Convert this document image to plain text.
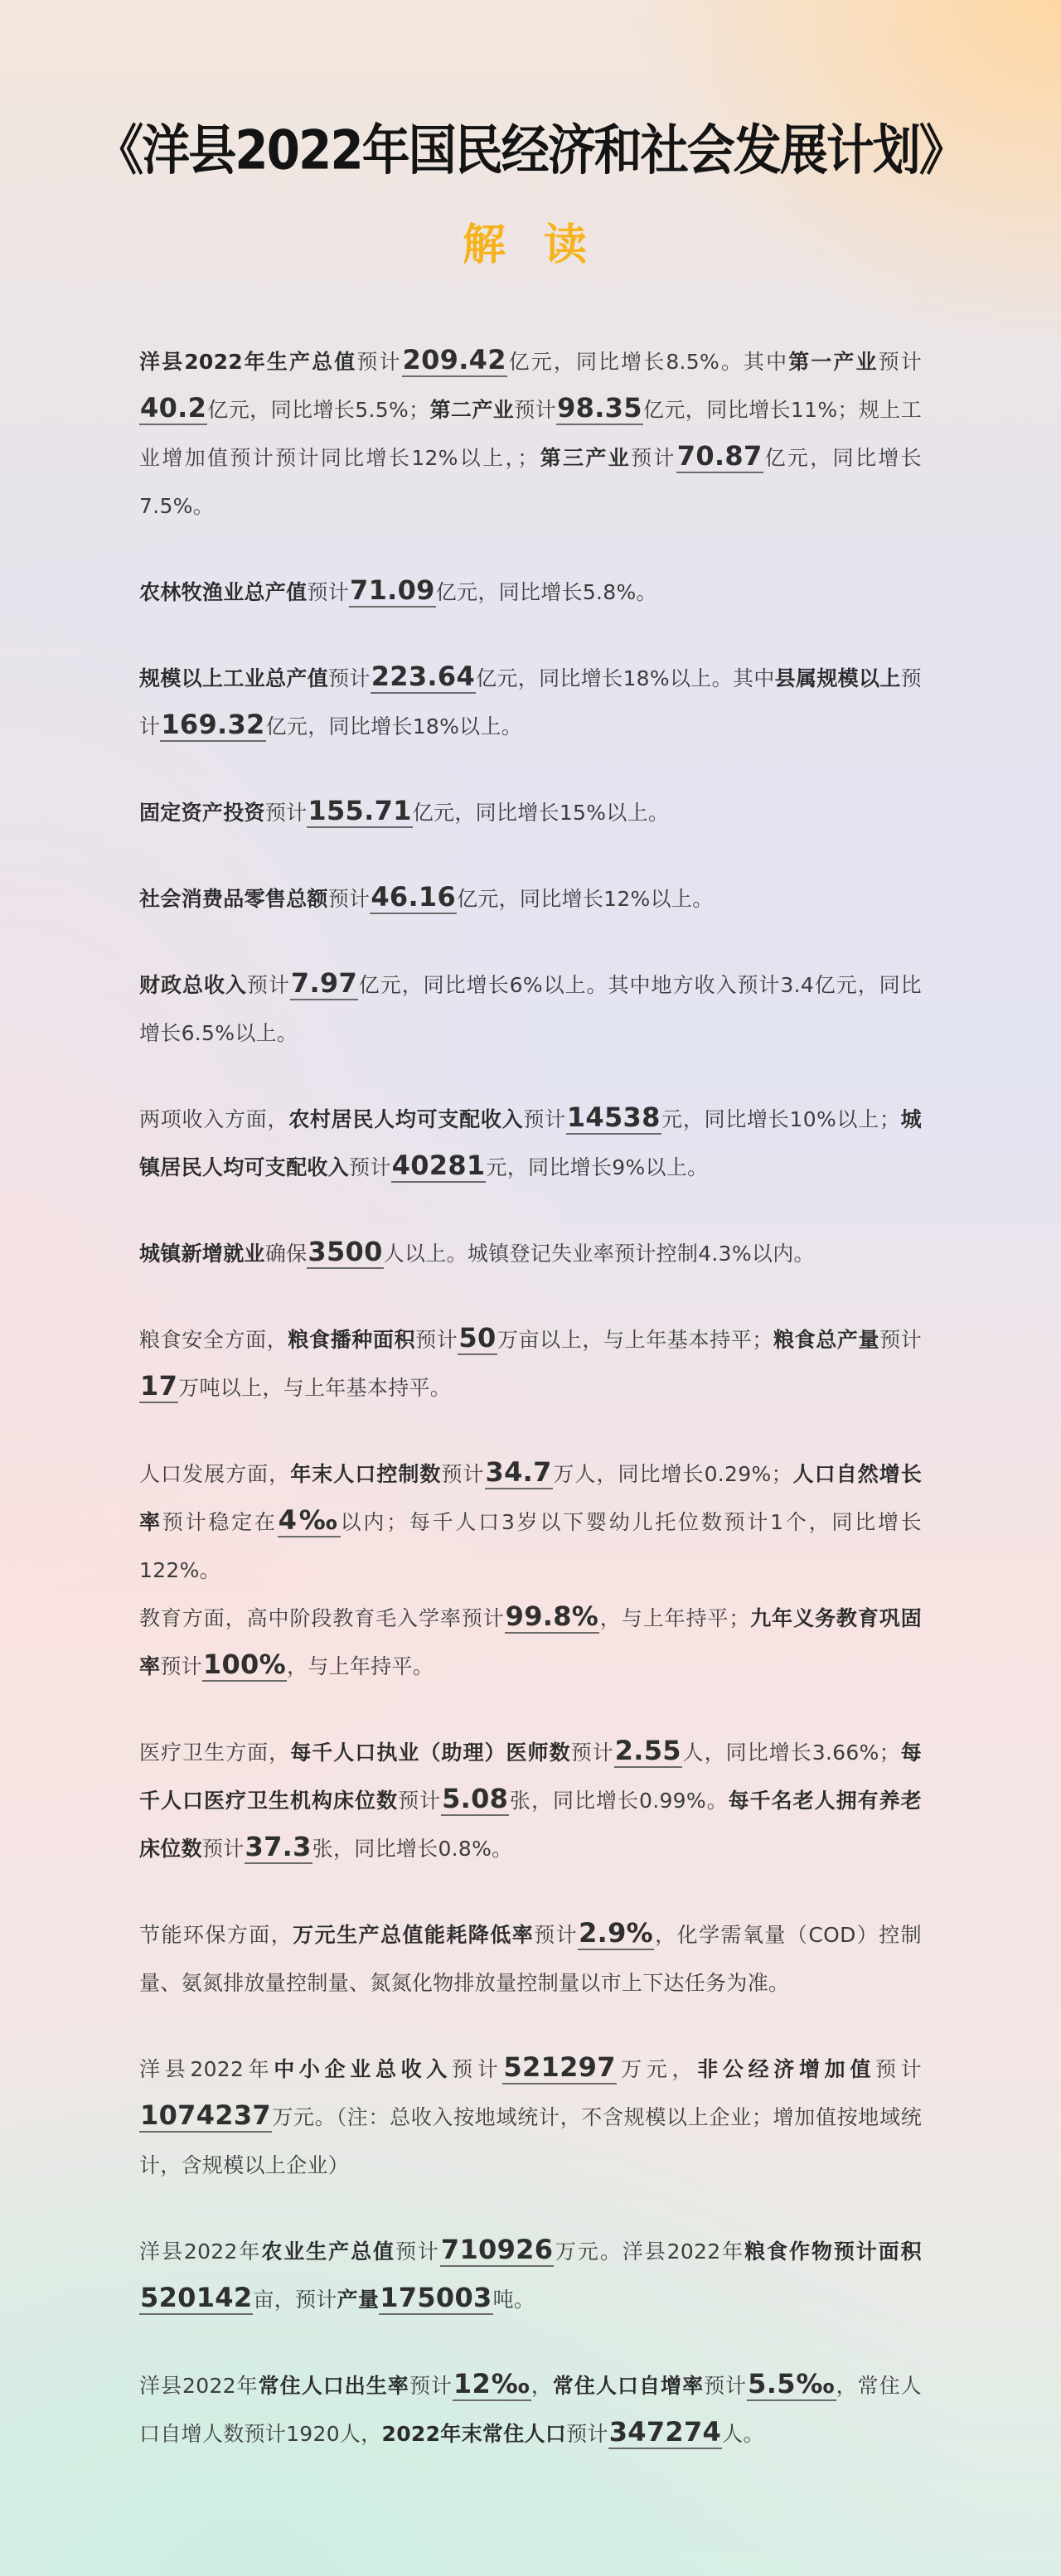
《洋县2022年国民经济和社会发展计划》
解 读

洋县2022年生产总值预计209.42亿元，同比增长8.5%。其中第一产业预计40.2亿元，同比增长5.5%；第二产业预计98.35亿元，同比增长11%；规上工业增加值预计预计同比增长12%以上，；第三产业预计70.87亿元，同比增长7.5%。

农林牧渔业总产值预计71.09亿元，同比增长5.8%。

规模以上工业总产值预计223.64亿元，同比增长18%以上。其中县属规模以上预计169.32亿元，同比增长18%以上。

固定资产投资预计155.71亿元，同比增长15%以上。

社会消费品零售总额预计46.16亿元，同比增长12%以上。

财政总收入预计7.97亿元，同比增长6%以上。其中地方收入预计3.4亿元，同比增长6.5%以上。

两项收入方面，农村居民人均可支配收入预计14538元，同比增长10%以上；城镇居民人均可支配收入预计40281元，同比增长9%以上。

城镇新增就业确保3500人以上。城镇登记失业率预计控制4.3%以内。

粮食安全方面，粮食播种面积预计50万亩以上，与上年基本持平；粮食总产量预计17万吨以上，与上年基本持平。

人口发展方面，年末人口控制数预计34.7万人，同比增长0.29%；人口自然增长率预计稳定在4‰以内；每千人口3岁以下婴幼儿托位数预计1个，同比增长122%。

教育方面，高中阶段教育毛入学率预计99.8%，与上年持平；九年义务教育巩固率预计100%，与上年持平。

医疗卫生方面，每千人口执业（助理）医师数预计2.55人，同比增长3.66%；每千人口医疗卫生机构床位数预计5.08张，同比增长0.99%。每千名老人拥有养老床位数预计37.3张，同比增长0.8%。

节能环保方面，万元生产总值能耗降低率预计2.9%，化学需氧量（COD）控制量、氨氮排放量控制量、氮氮化物排放量控制量以市上下达任务为准。

洋县2022年中小企业总收入预计521297万元，非公经济增加值预计1074237万元。（注：总收入按地域统计，不含规模以上企业；增加值按地域统计，含规模以上企业）

洋县2022年农业生产总值预计710926万元。洋县2022年粮食作物预计面积520142亩，预计产量175003吨。

洋县2022年常住人口出生率预计12‰，常住人口自增率预计5.5‰，常住人口自增人数预计1920人，2022年末常住人口预计347274人。
